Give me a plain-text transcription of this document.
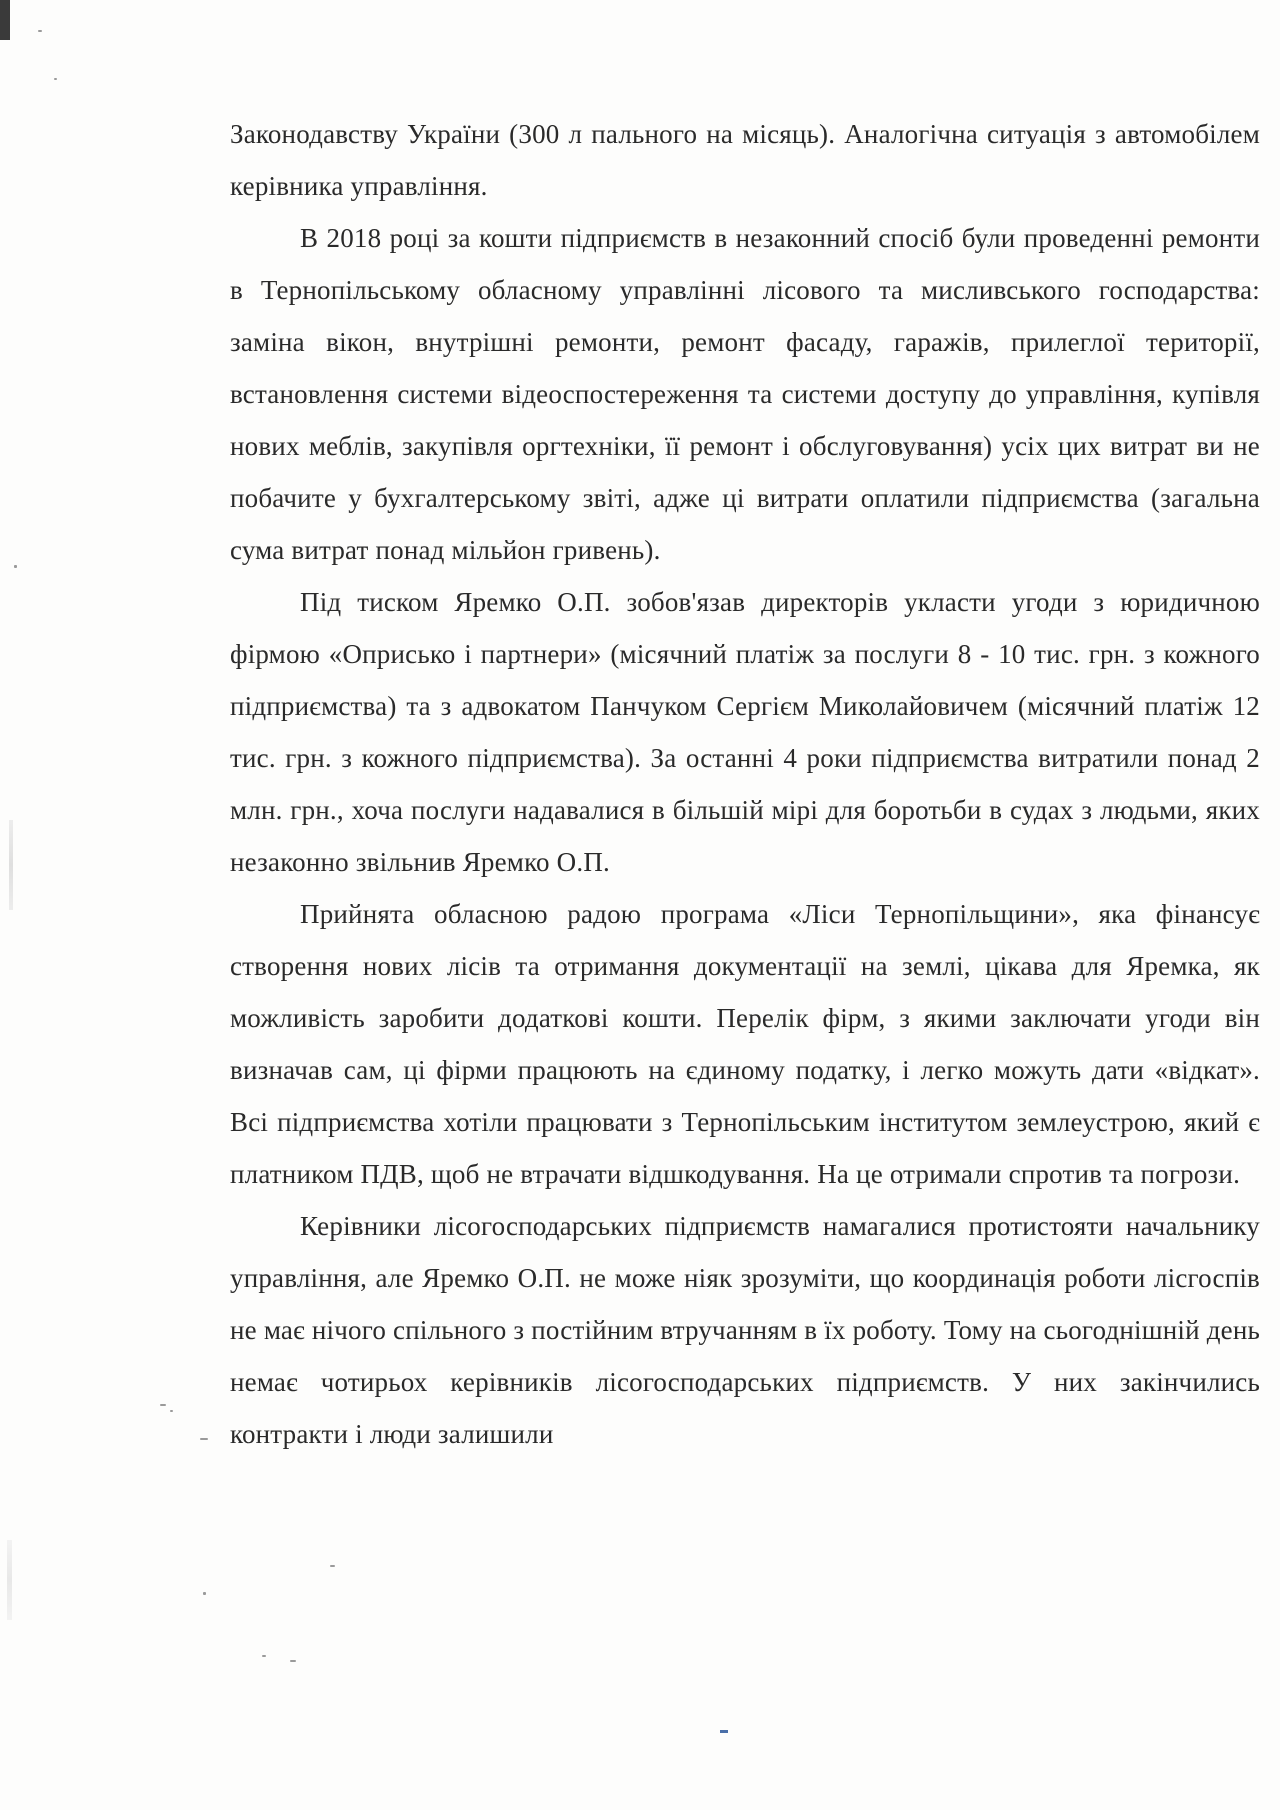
Законодавству України (300 л пального на місяць). Аналогічна ситуація з автомобілем керівника управління.

В 2018 році за кошти підприємств в незаконний спосіб були проведенні ремонти в Тернопільському обласному управлінні лісового та мисливського господарства: заміна вікон, внутрішні ремонти, ремонт фасаду, гаражів, прилеглої території, встановлення системи відеоспостереження та системи доступу до управління, купівля нових меблів, закупівля оргтехніки, її ремонт і обслуговування) усіх цих витрат ви не побачите у бухгалтерському звіті, адже ці витрати оплатили підприємства (загальна сума витрат понад мільйон гривень).

Під тиском Яремко О.П. зобов'язав директорів укласти угоди з юридичною фірмою «Оприсько і партнери» (місячний платіж за послуги 8 - 10 тис. грн. з кожного підприємства) та з адвокатом Панчуком Сергієм Миколайовичем (місячний платіж 12 тис. грн. з кожного підприємства). За останні 4 роки підприємства витратили понад 2 млн. грн., хоча послуги надавалися в більшій мірі для боротьби в судах з людьми, яких незаконно звільнив Яремко О.П.

Прийнята обласною радою програма «Ліси Тернопільщини», яка фінансує створення нових лісів та отримання документації на землі, цікава для Яремка, як можливість заробити додаткові кошти. Перелік фірм, з якими заключати угоди він визначав сам, ці фірми працюють на єдиному податку, і легко можуть дати «відкат». Всі підприємства хотіли працювати з Тернопільським інститутом землеустрою, який є платником ПДВ, щоб не втрачати відшкодування. На це отримали спротив та погрози.

Керівники лісогосподарських підприємств намагалися протистояти начальнику управління, але Яремко О.П. не може ніяк зрозуміти, що координація роботи лісгоспів не має нічого спільного з постійним втручанням в їх роботу. Тому на сьогоднішній день немає чотирьох керівників лісогосподарських підприємств. У них закінчились контракти і люди залишили
